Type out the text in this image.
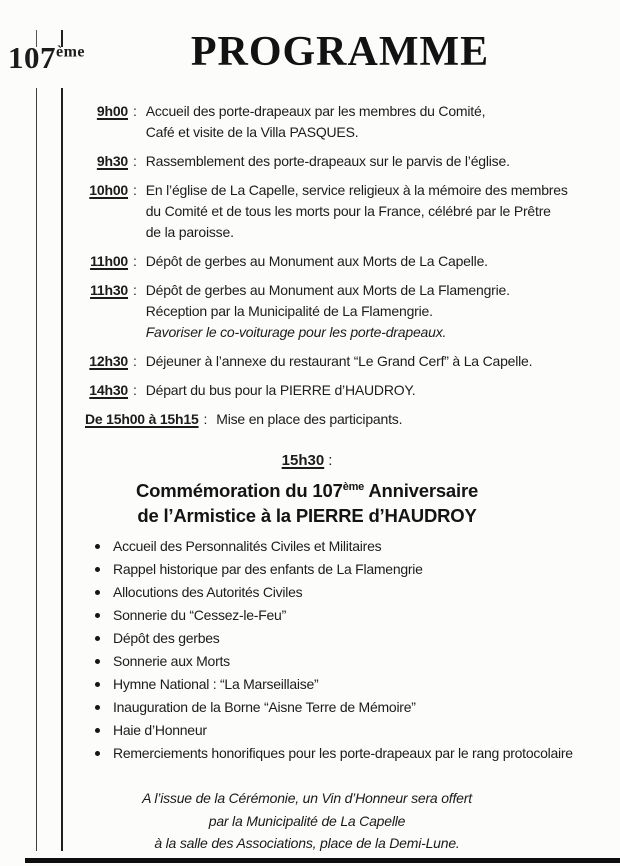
107ème	PROGRAMME
9h00 : Accueil des porte-drapeaux par les membres du Comité,
Café et visite de la Villa PASQUES.
9h30 : Rassemblement des porte-drapeaux sur le parvis de l’église.
10h00 : En l’église de La Capelle, service religieux à la mémoire des membres
du Comité et de tous les morts pour la France, célébré par le Prêtre
de la paroisse.
11h00 : Dépôt de gerbes au Monument aux Morts de La Capelle.
11h30 : Dépôt de gerbes au Monument aux Morts de La Flamengrie.
Réception par la Municipalité de La Flamengrie.
Favoriser le co-voiturage pour les porte-drapeaux.
12h30 : Déjeuner à l’annexe du restaurant “Le Grand Cerf” à La Capelle.
14h30 : Départ du bus pour la PIERRE d’HAUDROY.
De 15h00 à 15h15 : Mise en place des participants.
15h30 :
Commémoration du 107ème Anniversaire
de l’Armistice à la PIERRE d’HAUDROY
Accueil des Personnalités Civiles et Militaires
Rappel historique par des enfants de La Flamengrie
Allocutions des Autorités Civiles
Sonnerie du “Cessez-le-Feu”
Dépôt des gerbes
Sonnerie aux Morts
Hymne National : “La Marseillaise”
Inauguration de la Borne “Aisne Terre de Mémoire”
Haie d’Honneur
Remerciements honorifiques pour les porte-drapeaux par le rang protocolaire
A l’issue de la Cérémonie, un Vin d’Honneur sera offert
par la Municipalité de La Capelle
à la salle des Associations, place de la Demi-Lune.
